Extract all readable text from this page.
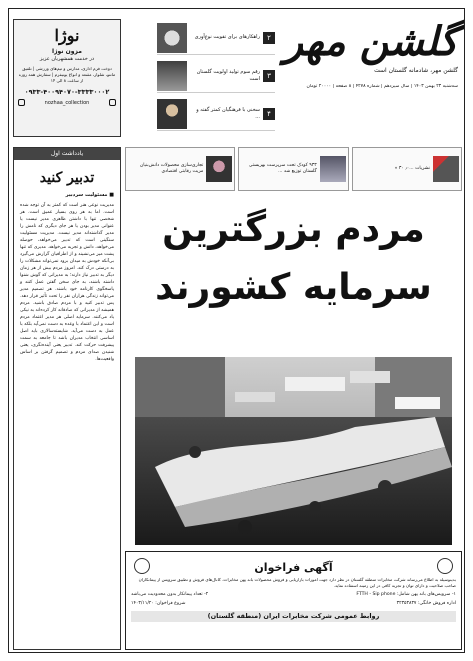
گلشن مهر
گلشن مهر، شادمانه گلستان است
سه‌شنبه ۲۳ بهمن ۱۴۰۳ | سال سیزدهم | شماره ۴۲۷۸ | ۸ صفحه | ۲۰۰۰۰ تومان
۲
راهکارهای برای تقویت نوع‌آوری
۳
رقم سوم تولید اولویت گلستان است
۴
سخنی با فرهنگیان کمتر گفته و ...
نوژا
مزون نوژا
در خدمت همشهریان عزیز
دوخت فرم اداری، مدارس و تیم‌های ورزشی | تلفیق مانتو، شلوار، مقنعه و انواع یونیفرم | سفارش همه روزه از ساعت ۸ الی ۱۴
۰۹۳۳-۴۰۰۹۴۰۷۰-۳۳۳۳۰۰۰۲
nozhaa_collection
نشریات ...٫۰ ۳۰ »
۹۳۳ کودک تحت سرپرست بهزیستی گلستان توزیع شد ...
تجاری‌سازی محصولات دانش‌بنیان مزیت رقابتی اقتصادی
یادداشت اول
تدبیر کنید
■ مسئولیت سردبیر
مدیریت نوعی هنر است که کمتر به آن توجه شده است. اما به هر روی بسیار عمیق است. هر شخصی تنها با داشتن ظاهری مدیر نیست یا عنوانی مدیر بودن یا هر جای دیگری که نامش را مدیر گذاشته‌اند مدیر نیست. مدیریت مسئولیت سنگینی است که تدبیر می‌خواهد، حوصله می‌خواهد، دانش و تجربه می‌خواهد. مدیری که تنها پشت میز می‌نشیند و از اطرافیان گزارش می‌گیرد بی‌آنکه خودش به میدان برود نمی‌تواند مشکلات را به درستی درک کند. امروز مردم بیش از هر زمان دیگر به تدبیر نیاز دارند؛ به مدیرانی که گوش شنوا داشته باشند، به جای سخن گفتن عمل کنند و پاسخگوی کارنامه خود باشند. هر تصمیم مدیر می‌تواند زندگی هزاران نفر را تحت تأثیر قرار دهد. پس تدبیر کنید و با مردم صادق باشید. مردم همیشه از مدیرانی که صادقانه کار کرده‌اند به نیکی یاد می‌کنند. سرمایه اصلی هر مدیر اعتماد مردم است و این اعتماد با وعده به دست نمی‌آید بلکه با عمل به دست می‌آید. شایسته‌سالاری باید اصل اساسی انتخاب مدیران باشد تا جامعه به سمت پیشرفت حرکت کند. تدبیر یعنی آینده‌نگری، یعنی شنیدن صدای مردم و تصمیم گرفتن بر اساس واقعیت‌ها.
مردم بزرگترین
سرمایه کشورند
آگهی فراخوان
بدینوسیله به اطلاع می‌رساند شرکت مخابرات منطقه گلستان در نظر دارد جهت امورات بازاریابی و فروش محصولات باند پهن مخابرات، کانال‌های فروش و تطبیق سرویس از پیمانکاران صاحب صلاحیت و دارای توان و تجربه کافی در این زمینه استفاده نماید.
۱- سرویس‌های باند پهن شامل: FTTH - Sip phone
۲- تعداد پیمانکار بدون محدودیت می‌باشد
اداره فروش خانگی: ۳۲۳۵۳۸۳۷
شروع فراخوان: ۱۴۰۳/۱۱/۲۰
روابط عمومی شرکت مخابرات ایران (منطقه گلستان)
